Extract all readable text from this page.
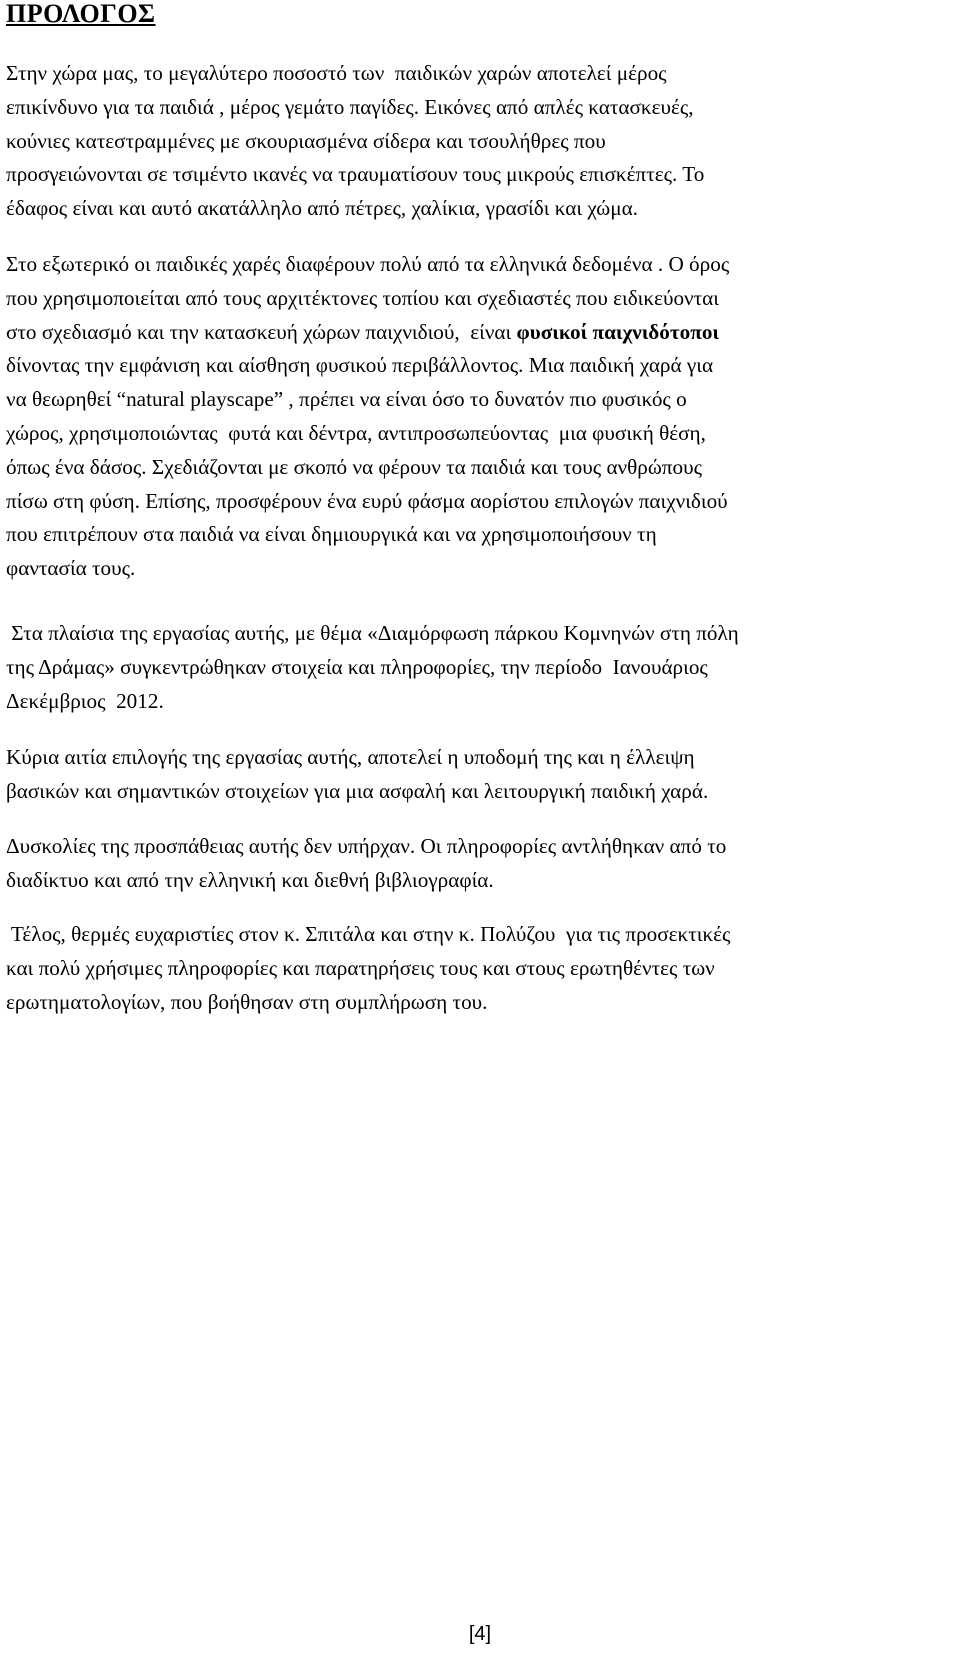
ΠΡΟΛΟΓΟΣ

Στην χώρα μας, το μεγαλύτερο ποσοστό των  παιδικών χαρών αποτελεί μέρος
επικίνδυνο για τα παιδιά , μέρος γεμάτο παγίδες. Εικόνες από απλές κατασκευές,
κούνιες κατεστραμμένες με σκουριασμένα σίδερα και τσουλήθρες που
προσγειώνονται σε τσιμέντο ικανές να τραυματίσουν τους μικρούς επισκέπτες. Το
έδαφος είναι και αυτό ακατάλληλο από πέτρες, χαλίκια, γρασίδι και χώμα.

Στο εξωτερικό οι παιδικές χαρές διαφέρουν πολύ από τα ελληνικά δεδομένα . Ο όρος
που χρησιμοποιείται από τους αρχιτέκτονες τοπίου και σχεδιαστές που ειδικεύονται
στο σχεδιασμό και την κατασκευή χώρων παιχνιδιού,  είναι φυσικοί παιχνιδότοποι
δίνοντας την εμφάνιση και αίσθηση φυσικού περιβάλλοντος. Μια παιδική χαρά για
να θεωρηθεί “natural playscape” , πρέπει να είναι όσο το δυνατόν πιο φυσικός ο
χώρος, χρησιμοποιώντας  φυτά και δέντρα, αντιπροσωπεύοντας  μια φυσική θέση,
όπως ένα δάσος. Σχεδιάζονται με σκοπό να φέρουν τα παιδιά και τους ανθρώπους
πίσω στη φύση. Επίσης, προσφέρουν ένα ευρύ φάσμα αορίστου επιλογών παιχνιδιού
που επιτρέπουν στα παιδιά να είναι δημιουργικά και να χρησιμοποιήσουν τη
φαντασία τους.

Στα πλαίσια της εργασίας αυτής, με θέμα «Διαμόρφωση πάρκου Κομνηνών στη πόλη
της Δράμας» συγκεντρώθηκαν στοιχεία και πληροφορίες, την περίοδο  Ιανουάριος
Δεκέμβριος  2012.

Κύρια αιτία επιλογής της εργασίας αυτής, αποτελεί η υποδομή της και η έλλειψη
βασικών και σημαντικών στοιχείων για μια ασφαλή και λειτουργική παιδική χαρά.

Δυσκολίες της προσπάθειας αυτής δεν υπήρχαν. Οι πληροφορίες αντλήθηκαν από το
διαδίκτυο και από την ελληνική και διεθνή βιβλιογραφία.

Τέλος, θερμές ευχαριστίες στον κ. Σπιτάλα και στην κ. Πολύζου  για τις προσεκτικές
και πολύ χρήσιμες πληροφορίες και παρατηρήσεις τους και στους ερωτηθέντες των
ερωτηματολογίων, που βοήθησαν στη συμπλήρωση του.

[4]
